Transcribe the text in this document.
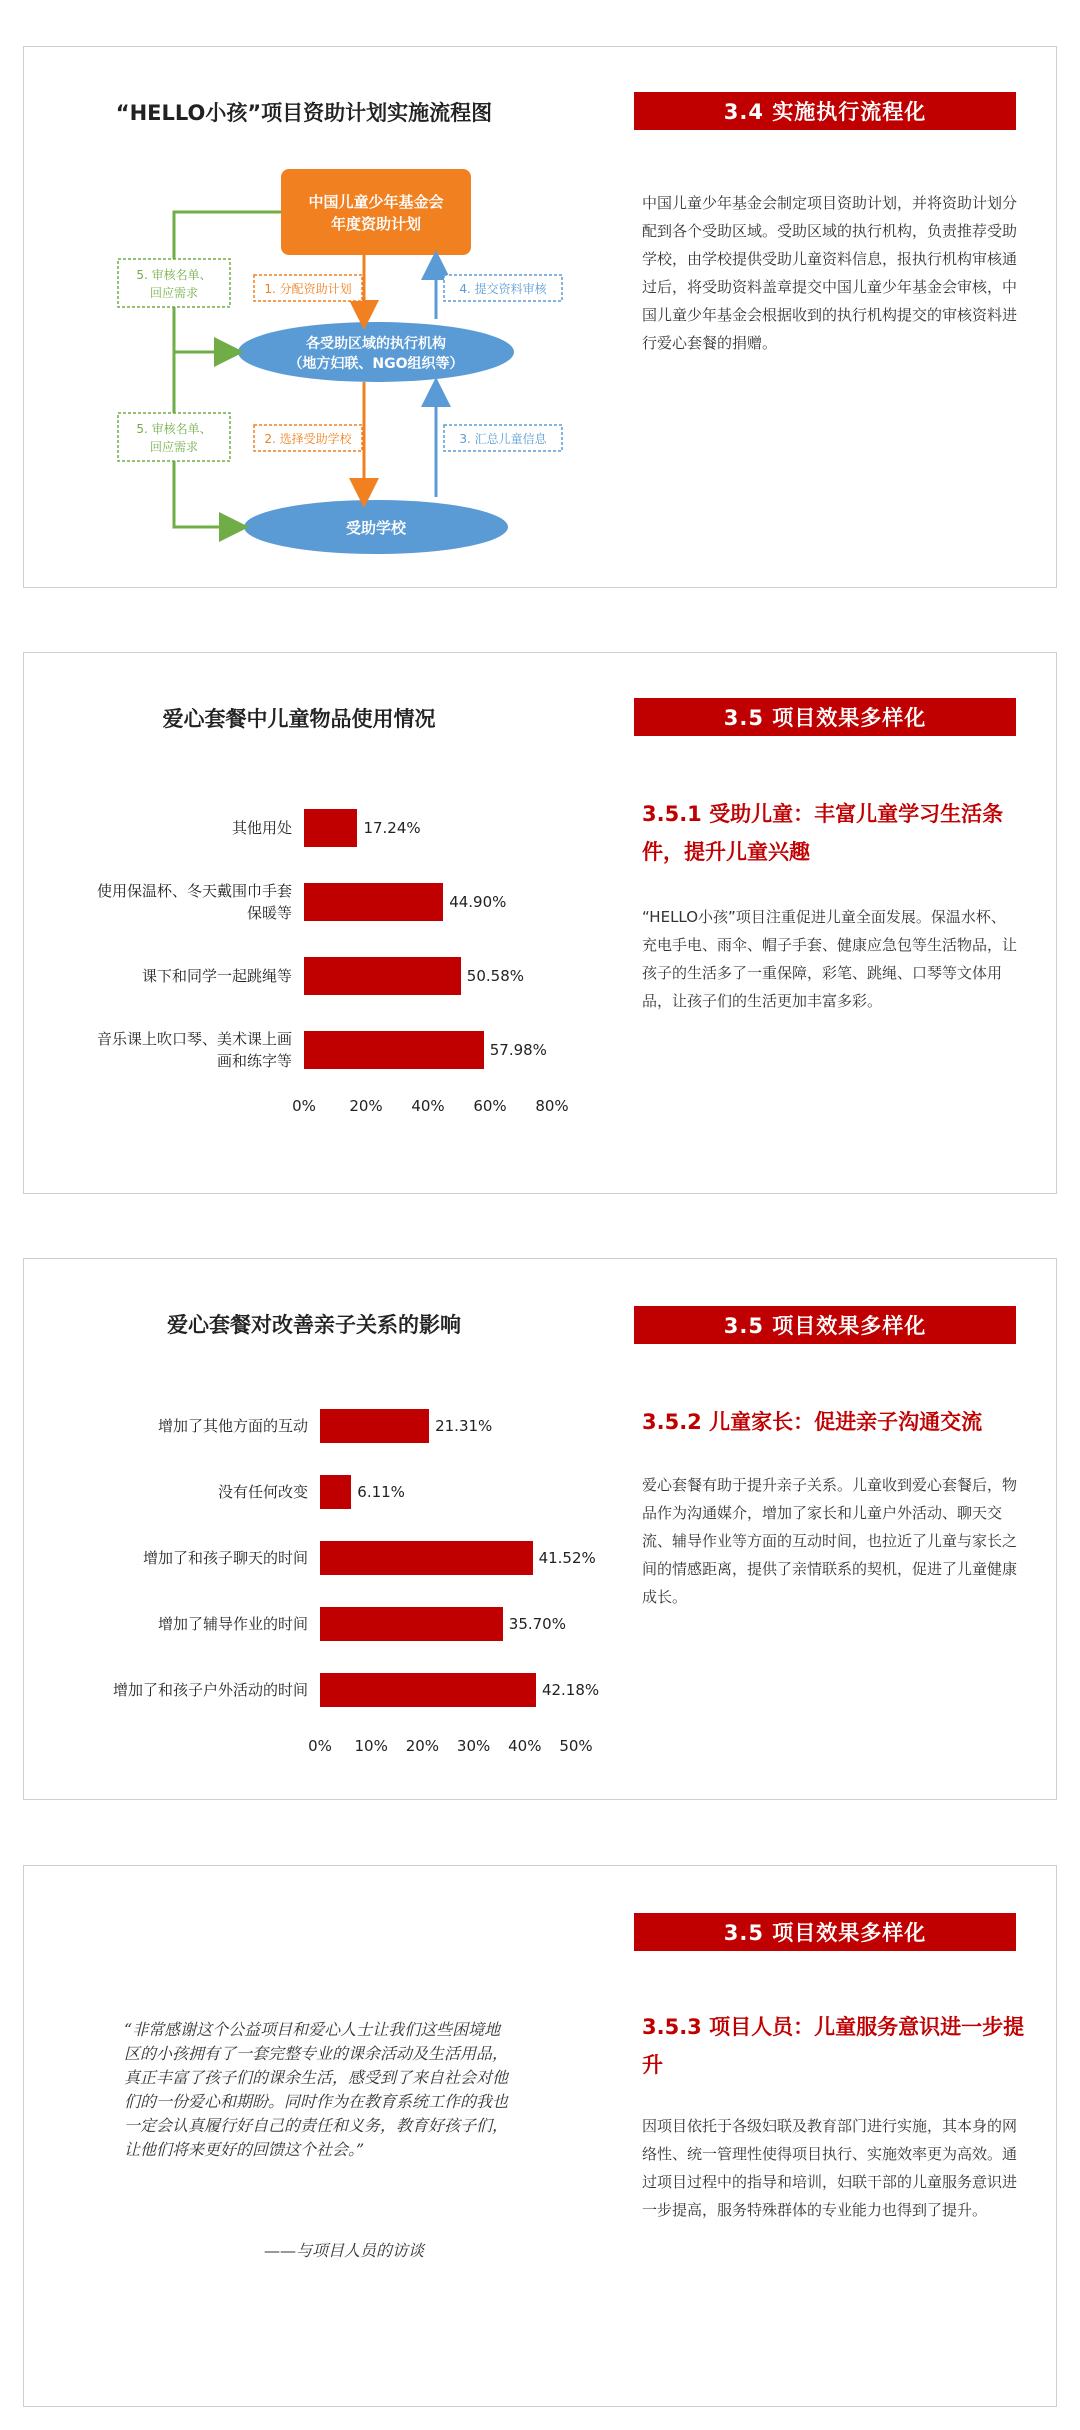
“HELLO小孩”项目资助计划实施流程图
中国儿童少年基金会
年度资助计划
各受助区域的执行机构
（地方妇联、NGO组织等）
受助学校
1. 分配资助计划
2. 选择受助学校	3. 汇总儿童信息
4. 提交资料审核
5. 审核名单、
回应需求
5. 审核名单、
回应需求
3.4 实施执行流程化
中国儿童少年基金会制定项目资助计划，并将资助计划分配到各个受助区域。受助区域的执行机构，负责推荐受助学校，由学校提供受助儿童资料信息，报执行机构审核通过后，将受助资料盖章提交中国儿童少年基金会审核，中国儿童少年基金会根据收到的执行机构提交的审核资料进行爱心套餐的捐赠。
爱心套餐中儿童物品使用情况
其他用处	17.24%
使用保温杯、冬天戴围巾手套
保暖等
44.90%
课下和同学一起跳绳等	50.58%
音乐课上吹口琴、美术课上画
画和练字等
57.98%
0%	20%	40%	60%	80%
3.5 项目效果多样化
3.5.1 受助儿童：丰富儿童学习生活条件，提升儿童兴趣
“HELLO小孩”项目注重促进儿童全面发展。保温水杯、充电手电、雨伞、帽子手套、健康应急包等生活物品，让孩子的生活多了一重保障，彩笔、跳绳、口琴等文体用品，让孩子们的生活更加丰富多彩。
爱心套餐对改善亲子关系的影响
增加了其他方面的互动	21.31%
没有任何改变	6.11%
增加了和孩子聊天的时间	41.52%
增加了辅导作业的时间	35.70%
增加了和孩子户外活动的时间	42.18%
0%	10%	20%	30%	40%	50%
3.5 项目效果多样化
3.5.2 儿童家长：促进亲子沟通交流
爱心套餐有助于提升亲子关系。儿童收到爱心套餐后，物品作为沟通媒介，增加了家长和儿童户外活动、聊天交流、辅导作业等方面的互动时间，也拉近了儿童与家长之间的情感距离，提供了亲情联系的契机，促进了儿童健康成长。
“非常感谢这个公益项目和爱心人士让我们这些困境地区的小孩拥有了一套完整专业的课余活动及生活用品，真正丰富了孩子们的课余生活，感受到了来自社会对他们的一份爱心和期盼。同时作为在教育系统工作的我也一定会认真履行好自己的责任和义务，教育好孩子们，让他们将来更好的回馈这个社会。”
——与项目人员的访谈
3.5 项目效果多样化
3.5.3 项目人员：儿童服务意识进一步提升
因项目依托于各级妇联及教育部门进行实施，其本身的网络性、统一管理性使得项目执行、实施效率更为高效。通过项目过程中的指导和培训，妇联干部的儿童服务意识进一步提高，服务特殊群体的专业能力也得到了提升。
